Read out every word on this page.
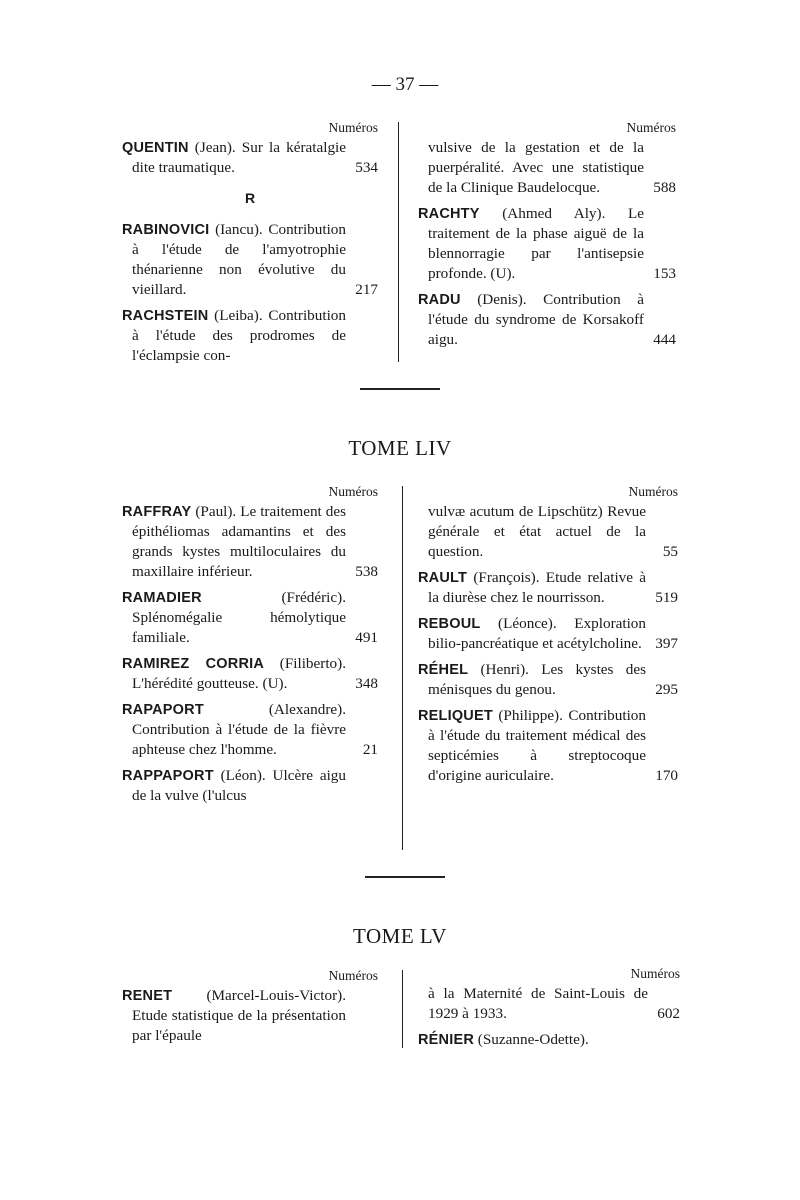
— 37 —
Numéros
QUENTIN (Jean). Sur la kératalgie dite traumatique.	534
R
RABINOVICI (Iancu). Contribution à l'étude de l'amyotrophie thénarienne non évolutive du vieillard.	217
RACHSTEIN (Leiba). Contribution à l'étude des prodromes de l'éclampsie con-
Numéros
vulsive de la gestation et de la puerpéralité. Avec une statistique de la Clinique Baudelocque.	588
RACHTY (Ahmed Aly). Le traitement de la phase aiguë de la blennorragie par l'antisepsie profonde. (U).	153
RADU (Denis). Contribution à l'étude du syndrome de Korsakoff aigu.	444
TOME LIV
Numéros
RAFFRAY (Paul). Le traitement des épithéliomas adamantins et des grands kystes multiloculaires du maxillaire inférieur.	538
RAMADIER (Frédéric). Splénomégalie hémolytique familiale.	491
RAMIREZ CORRIA (Filiberto). L'hérédité goutteuse. (U).	348
RAPAPORT (Alexandre). Contribution à l'étude de la fièvre aphteuse chez l'homme.	21
RAPPAPORT (Léon). Ulcère aigu de la vulve (l'ulcus
Numéros
vulvæ acutum de Lipschütz) Revue générale et état actuel de la question.	55
RAULT (François). Etude relative à la diurèse chez le nourrisson.	519
REBOUL (Léonce). Exploration bilio-pancréatique et acétylcholine. 397
RÉHEL (Henri). Les kystes des ménisques du genou.	295
RELIQUET (Philippe). Contribution à l'étude du traitement médical des septicémies à streptocoque d'origine auriculaire.	170
TOME LV
Numéros
RENET (Marcel-Louis-Victor). Etude statistique de la présentation par l'épaule
Numéros
à la Maternité de Saint-Louis de 1929 à 1933.	602
RÉNIER (Suzanne-Odette).
